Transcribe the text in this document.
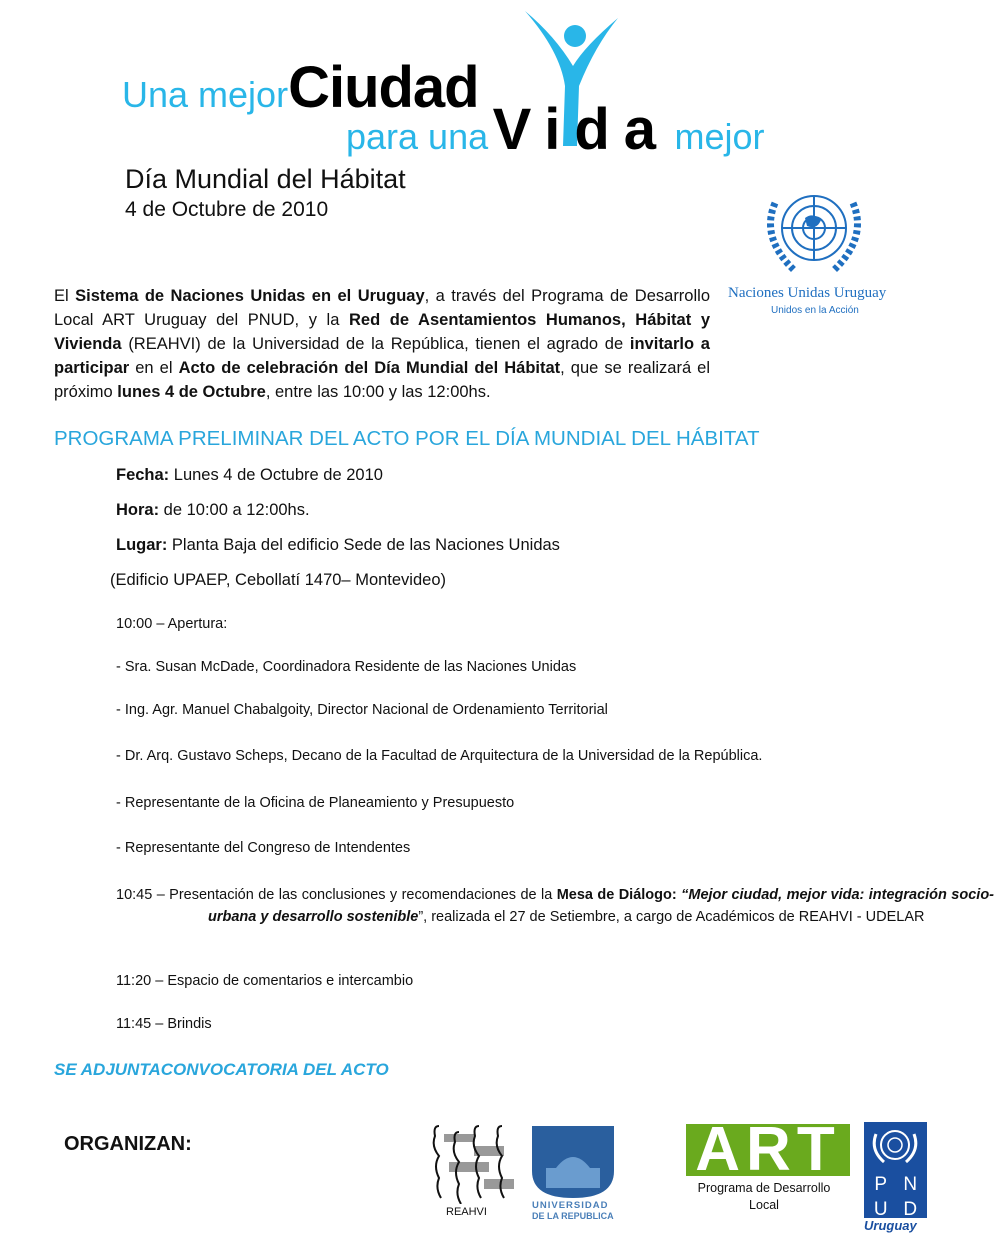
Una mejorCiudad
para una Vida mejor
Día Mundial del Hábitat
4 de Octubre de 2010
Naciones Unidas Uruguay
Unidos en la Acción

El Sistema de Naciones Unidas en el Uruguay, a través del Programa de Desarrollo Local ART Uruguay del PNUD, y la Red de Asentamientos Humanos, Hábitat y Vivienda (REAHVI) de la Universidad de la República, tienen el agrado de invitarlo a participar en el Acto de celebración del Día Mundial del Hábitat, que se realizará el próximo lunes 4 de Octubre, entre las 10:00 y las 12:00hs.

PROGRAMA PRELIMINAR DEL ACTO POR EL DÍA MUNDIAL DEL HÁBITAT
Fecha: Lunes 4 de Octubre de 2010
Hora: de 10:00 a 12:00hs.
Lugar: Planta Baja del edificio Sede de las Naciones Unidas
(Edificio UPAEP, Cebollatí 1470– Montevideo)
10:00 – Apertura:
- Sra. Susan McDade, Coordinadora Residente de las Naciones Unidas
- Ing. Agr. Manuel Chabalgoity, Director Nacional de Ordenamiento Territorial
- Dr. Arq. Gustavo Scheps, Decano de la Facultad de Arquitectura de la Universidad de la República.
- Representante de la Oficina de Planeamiento y Presupuesto
- Representante del Congreso de Intendentes
10:45 – Presentación de las conclusiones y recomendaciones de la Mesa de Diálogo: “Mejor ciudad, mejor vida: integración socio-urbana y desarrollo sostenible”, realizada el 27 de Setiembre, a cargo de Académicos de REAHVI - UDELAR
11:20 – Espacio de comentarios e intercambio
11:45 – Brindis
SE ADJUNTACONVOCATORIA DEL ACTO
ORGANIZAN:
REAHVI
UNIVERSIDAD
DE LA REPUBLICA
ART
Programa de Desarrollo
Local
P N
U D
Uruguay
